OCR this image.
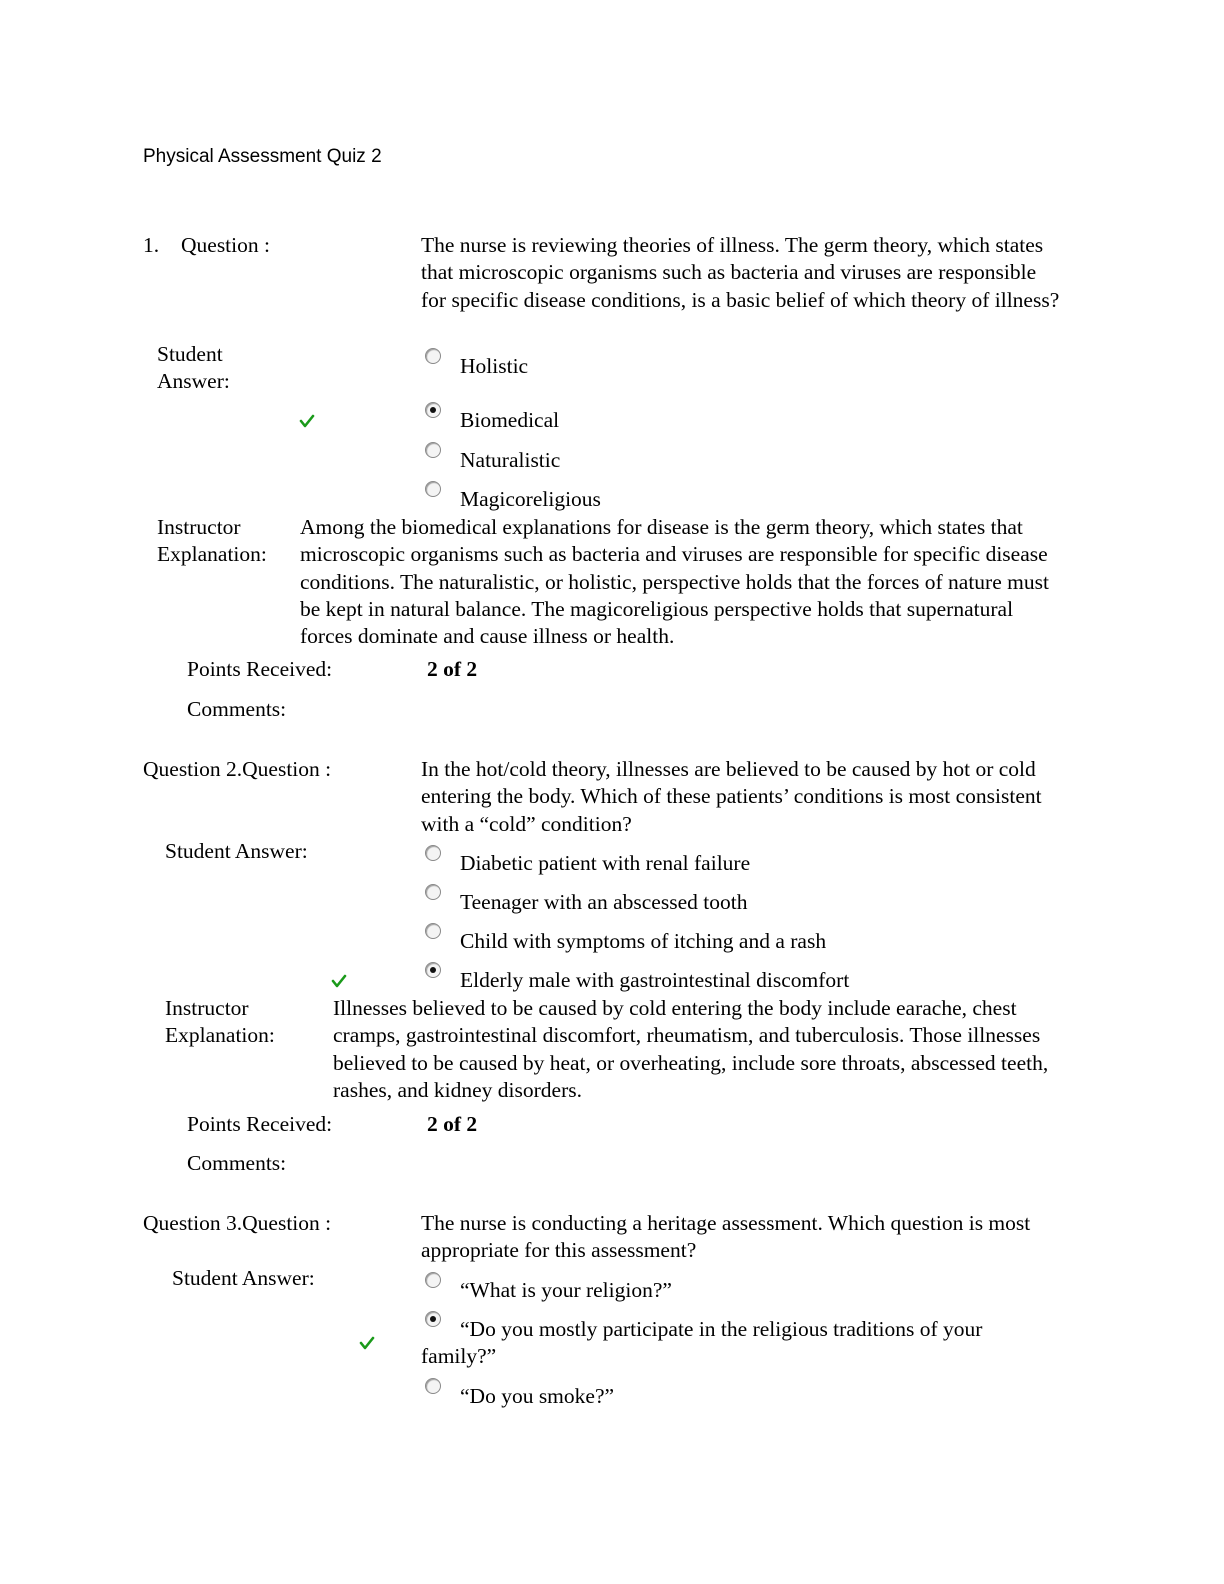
Physical Assessment Quiz 2
1. Question :	The nurse is reviewing theories of illness. The germ theory, which states that microscopic organisms such as bacteria and viruses are responsible for specific disease conditions, is a basic belief of which theory of illness?
Student
Answer:
Holistic
Biomedical
Naturalistic
Magicoreligious
Instructor
Explanation:
Among the biomedical explanations for disease is the germ theory, which states that microscopic organisms such as bacteria and viruses are responsible for specific disease conditions. The naturalistic, or holistic, perspective holds that the forces of nature must be kept in natural balance. The magicoreligious perspective holds that supernatural forces dominate and cause illness or health.
Points Received:	2 of 2
Comments:
Question 2.Question :	In the hot/cold theory, illnesses are believed to be caused by hot or cold entering the body. Which of these patients’ conditions is most consistent with a “cold” condition?
Student Answer:	Diabetic patient with renal failure
Teenager with an abscessed tooth
Child with symptoms of itching and a rash
Elderly male with gastrointestinal discomfort
Instructor
Explanation:
Illnesses believed to be caused by cold entering the body include earache, chest cramps, gastrointestinal discomfort, rheumatism, and tuberculosis. Those illnesses believed to be caused by heat, or overheating, include sore throats, abscessed teeth, rashes, and kidney disorders.
Points Received:	2 of 2
Comments:
Question 3.Question :	The nurse is conducting a heritage assessment. Which question is most appropriate for this assessment?
Student Answer:	“What is your religion?”
“Do you mostly participate in the religious traditions of your
family?”
“Do you smoke?”
